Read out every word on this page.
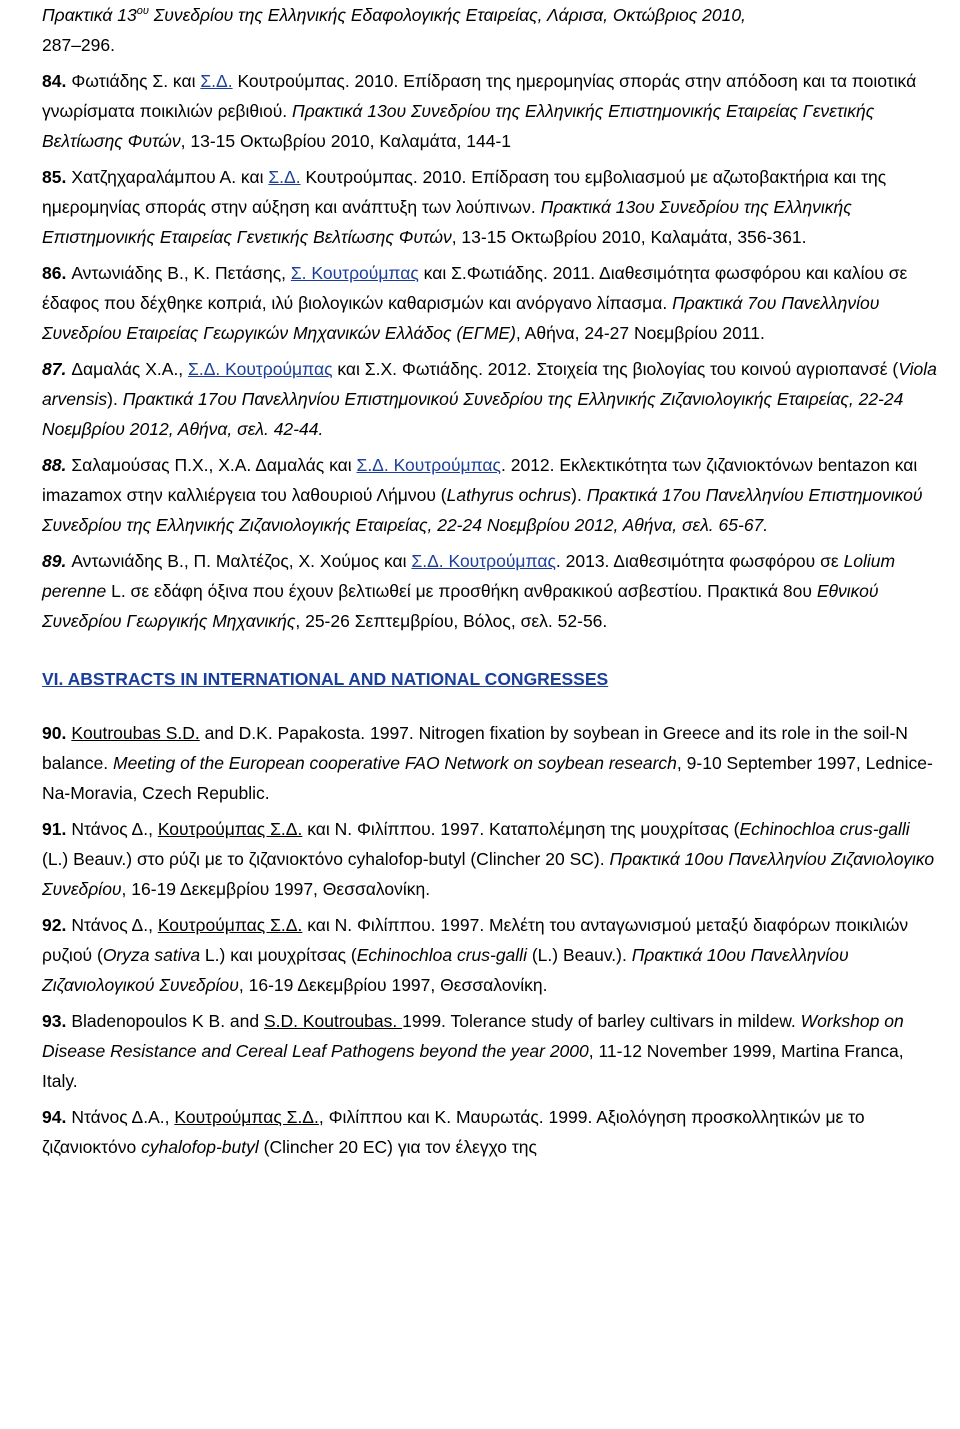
Πρακτικά $13^{o\upsilon}$ Συνεδρίου της Ελληνικής Εδαφολογικής Εταιρείας, Λάρισα, Οκτώβριος 2010,
287–296.
84. Φωτιάδης Σ. και Σ.Δ. Κουτρούμπας. 2010. Επίδραση της ημερομηνίας σποράς στην απόδοση και τα ποιοτικά γνωρίσματα ποικιλιών ρεβιθιού. Πρακτικά 13ου Συνεδρίου της Ελληνικής Επιστημονικής Εταιρείας Γενετικής Βελτίωσης Φυτών, 13-15 Οκτωβρίου 2010, Καλαμάτα, 144-1
85. Χατζηχαραλάμπου Α. και Σ.Δ. Κουτρούμπας. 2010. Επίδραση του εμβολιασμού με αζωτοβακτήρια και της ημερομηνίας σποράς στην αύξηση και ανάπτυξη των λούπινων. Πρακτικά 13ου Συνεδρίου της Ελληνικής Επιστημονικής Εταιρείας Γενετικής Βελτίωσης Φυτών, 13-15 Οκτωβρίου 2010, Καλαμάτα, 356-361.
86. Αντωνιάδης Β., Κ. Πετάσης, Σ. Κουτρούμπας και Σ.Φωτιάδης. 2011. Διαθεσιμότητα φωσφόρου και καλίου σε έδαφος που δέχθηκε κοπριά, ιλύ βιολογικών καθαρισμών και ανόργανο λίπασμα. Πρακτικά 7ου Πανελληνίου Συνεδρίου Εταιρείας Γεωργικών Μηχανικών Ελλάδος (ΕΓΜΕ), Αθήνα, 24-27 Νοεμβρίου 2011.
87. Δαμαλάς Χ.Α., Σ.Δ. Κουτρούμπας και Σ.Χ. Φωτιάδης. 2012. Στοιχεία της βιολογίας του κοινού αγριοπανσέ (Viola arvensis). Πρακτικά 17ου Πανελληνίου Επιστημονικού Συνεδρίου της Ελληνικής Ζιζανιολογικής Εταιρείας, 22-24 Νοεμβρίου 2012, Αθήνα, σελ. 42-44.
88. Σαλαμούσας Π.Χ., Χ.Α. Δαμαλάς και Σ.Δ. Κουτρούμπας. 2012. Εκλεκτικότητα των ζιζανιοκτόνων bentazon και imazamox στην καλλιέργεια του λαθουριού Λήμνου (Lathyrus ochrus). Πρακτικά 17ου Πανελληνίου Επιστημονικού Συνεδρίου της Ελληνικής Ζιζανιολογικής Εταιρείας, 22-24 Νοεμβρίου 2012, Αθήνα, σελ. 65-67.
89. Αντωνιάδης Β., Π. Μαλτέζος, Χ. Χούμος και Σ.Δ. Κουτρούμπας. 2013. Διαθεσιμότητα φωσφόρου σε Lolium perenne L. σε εδάφη όξινα που έχουν βελτιωθεί με προσθήκη ανθρακικού ασβεστίου. Πρακτικά 8ου Εθνικού Συνεδρίου Γεωργικής Μηχανικής, 25-26 Σεπτεμβρίου, Βόλος, σελ. 52-56.
VI. ABSTRACTS IN INTERNATIONAL AND NATIONAL CONGRESSES
90. Koutroubas S.D. and D.K. Papakosta. 1997. Nitrogen fixation by soybean in Greece and its role in the soil-N balance. Meeting of the European cooperative FAO Network on soybean research, 9-10 September 1997, Lednice-Na-Moravia, Czech Republic.
91. Ντάνος Δ., Κουτρούμπας Σ.Δ. και Ν. Φιλίππου. 1997. Καταπολέμηση της μουχρίτσας (Echinochloa crus-galli (L.) Beauv.) στο ρύζι με το ζιζανιοκτόνο cyhalofop-butyl (Clincher 20 SC). Πρακτικά 10ου Πανελληνίου Ζιζανιολογικο Συνεδρίου, 16-19 Δεκεμβρίου 1997, Θεσσαλονίκη.
92. Ντάνος Δ., Κουτρούμπας Σ.Δ. και Ν. Φιλίππου. 1997. Μελέτη του ανταγωνισμού μεταξύ διαφόρων ποικιλιών ρυζιού (Oryza sativa L.) και μουχρίτσας (Echinochloa crus-galli (L.) Beauv.). Πρακτικά 10ου Πανελληνίου Ζιζανιολογικού Συνεδρίου, 16-19 Δεκεμβρίου 1997, Θεσσαλονίκη.
93. Bladenopoulos K B. and S.D. Koutroubas. 1999. Tolerance study of barley cultivars in mildew. Workshop on Disease Resistance and Cereal Leaf Pathogens beyond the year 2000, 11-12 November 1999, Martina Franca, Italy.
94. Ντάνος Δ.Α., Κουτρούμπας Σ.Δ., Φιλίππου και Κ. Μαυρωτάς. 1999. Αξιολόγηση προσκολλητικών με το ζιζανιοκτόνο cyhalofop-butyl (Clincher 20 EC) για τον έλεγχο της
